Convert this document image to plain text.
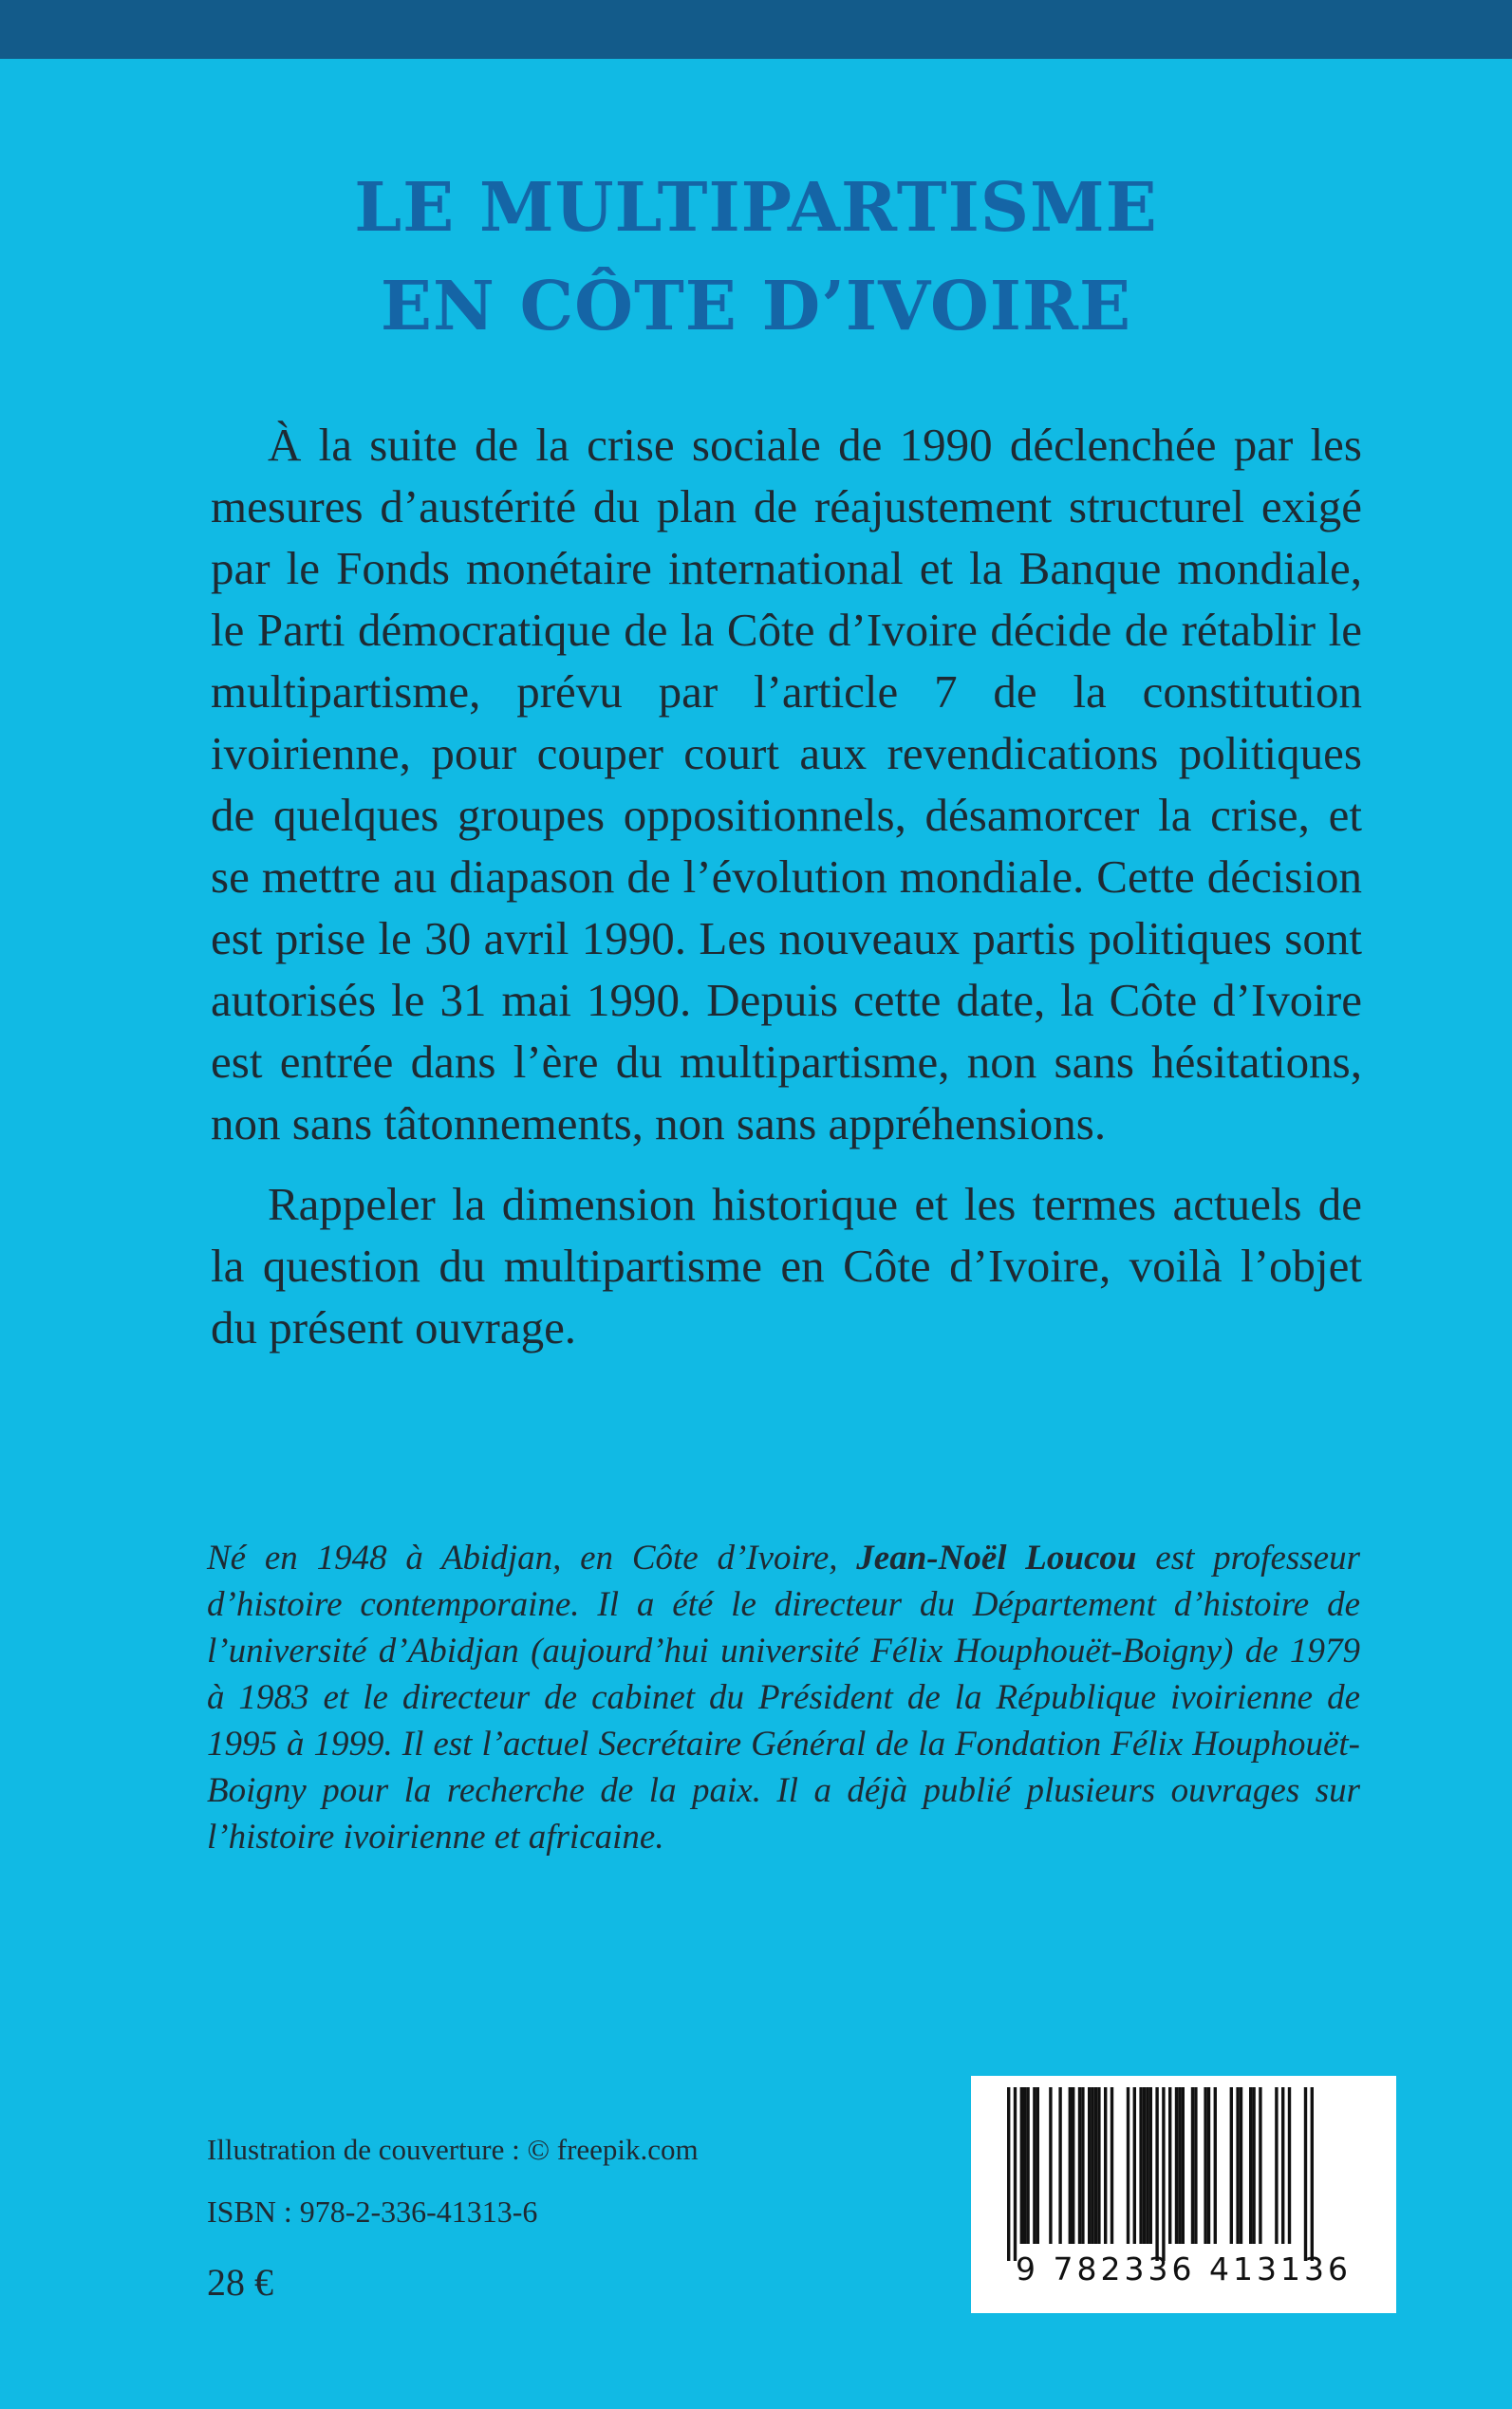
LE MULTIPARTISME
EN CÔTE D’IVOIRE

À la suite de la crise sociale de 1990 déclenchée par les mesures d’austérité du plan de réajustement structurel exigé par le Fonds monétaire international et la Banque mondiale, le Parti démocratique de la Côte d’Ivoire décide de rétablir le multipartisme, prévu par l’article 7 de la constitution ivoirienne, pour couper court aux revendications politiques de quelques groupes oppositionnels, désamorcer la crise, et se mettre au diapason de l’évolution mondiale. Cette décision est prise le 30 avril 1990. Les nouveaux partis politiques sont autorisés le 31 mai 1990. Depuis cette date, la Côte d’Ivoire est entrée dans l’ère du multipartisme, non sans hésitations, non sans tâtonnements, non sans appréhensions.

Rappeler la dimension historique et les termes actuels de la question du multipartisme en Côte d’Ivoire, voilà l’objet du présent ouvrage.

Né en 1948 à Abidjan, en Côte d’Ivoire, Jean-Noël Loucou est professeur d’histoire contemporaine. Il a été le directeur du Département d’histoire de l’université d’Abidjan (aujourd’hui université Félix Houphouët-Boigny) de 1979 à 1983 et le directeur de cabinet du Président de la République ivoirienne de 1995 à 1999. Il est l’actuel Secrétaire Général de la Fondation Félix Houphouët-Boigny pour la recherche de la paix. Il a déjà publié plusieurs ouvrages sur l’histoire ivoirienne et africaine.
Illustration de couverture : © freepik.com
ISBN : 978-2-336-41313-6
28 €	9 782336 413136
